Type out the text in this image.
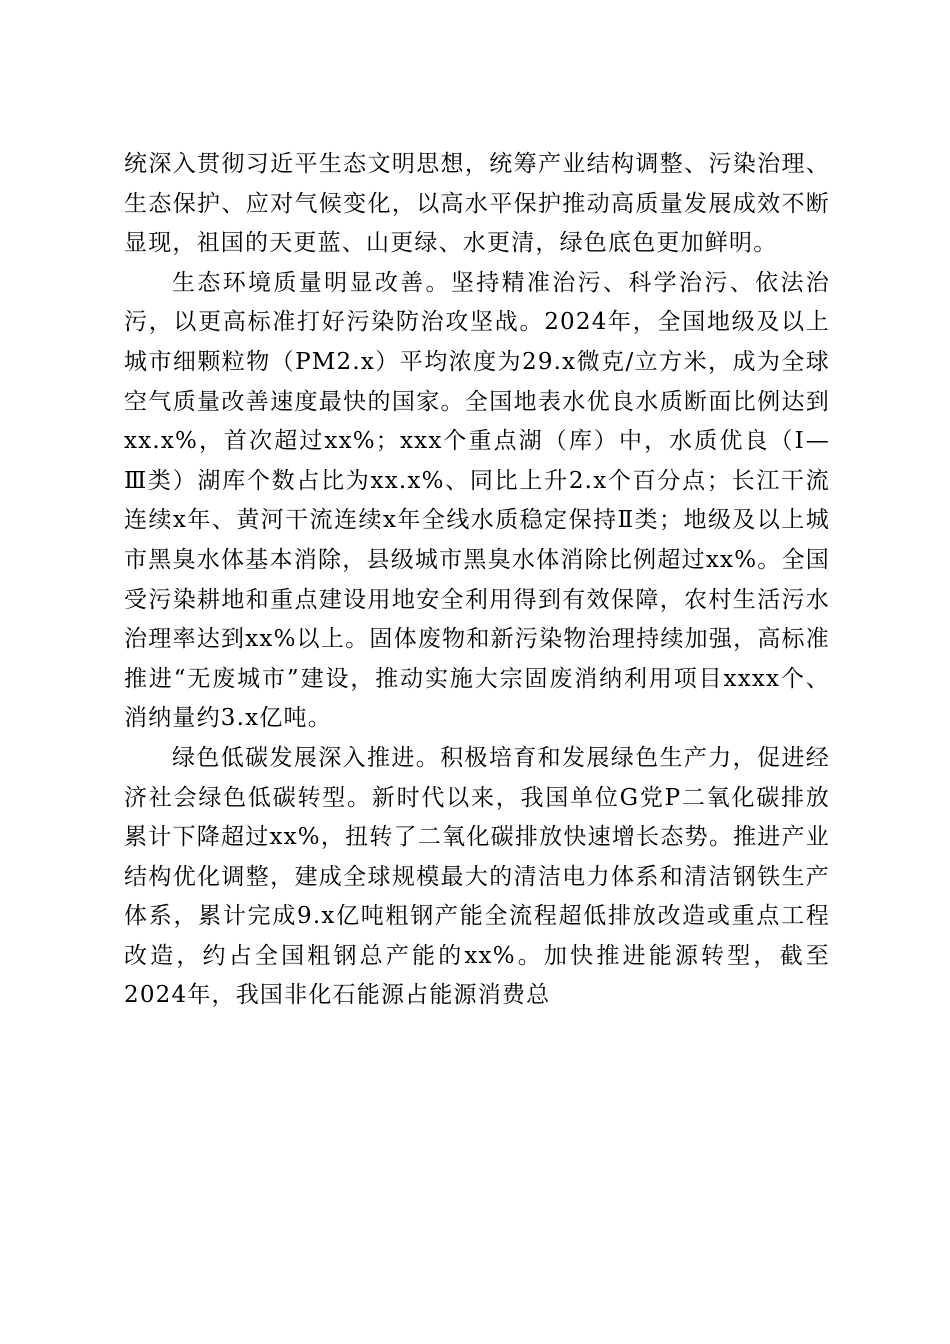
统深入贯彻习近平生态文明思想，统筹产业结构调整、污染治理、生态保护、应对气候变化，以高水平保护推动高质量发展成效不断显现，祖国的天更蓝、山更绿、水更清，绿色底色更加鲜明。

生态环境质量明显改善。坚持精准治污、科学治污、依法治污，以更高标准打好污染防治攻坚战。2024年，全国地级及以上城市细颗粒物（PM2.x）平均浓度为29.x微克/立方米，成为全球空气质量改善速度最快的国家。全国地表水优良水质断面比例达到xx.x%，首次超过xx%；xxx个重点湖（库）中，水质优良（Ⅰ—Ⅲ类）湖库个数占比为xx.x%、同比上升2.x个百分点；长江干流连续x年、黄河干流连续x年全线水质稳定保持Ⅱ类；地级及以上城市黑臭水体基本消除，县级城市黑臭水体消除比例超过xx%。全国受污染耕地和重点建设用地安全利用得到有效保障，农村生活污水治理率达到xx%以上。固体废物和新污染物治理持续加强，高标准推进“无废城市”建设，推动实施大宗固废消纳利用项目xxxx个、消纳量约3.x亿吨。

绿色低碳发展深入推进。积极培育和发展绿色生产力，促进经济社会绿色低碳转型。新时代以来，我国单位G党P二氧化碳排放累计下降超过xx%，扭转了二氧化碳排放快速增长态势。推进产业结构优化调整，建成全球规模最大的清洁电力体系和清洁钢铁生产体系，累计完成9.x亿吨粗钢产能全流程超低排放改造或重点工程改造，约占全国粗钢总产能的xx%。加快推进能源转型，截至2024年，我国非化石能源占能源消费总
